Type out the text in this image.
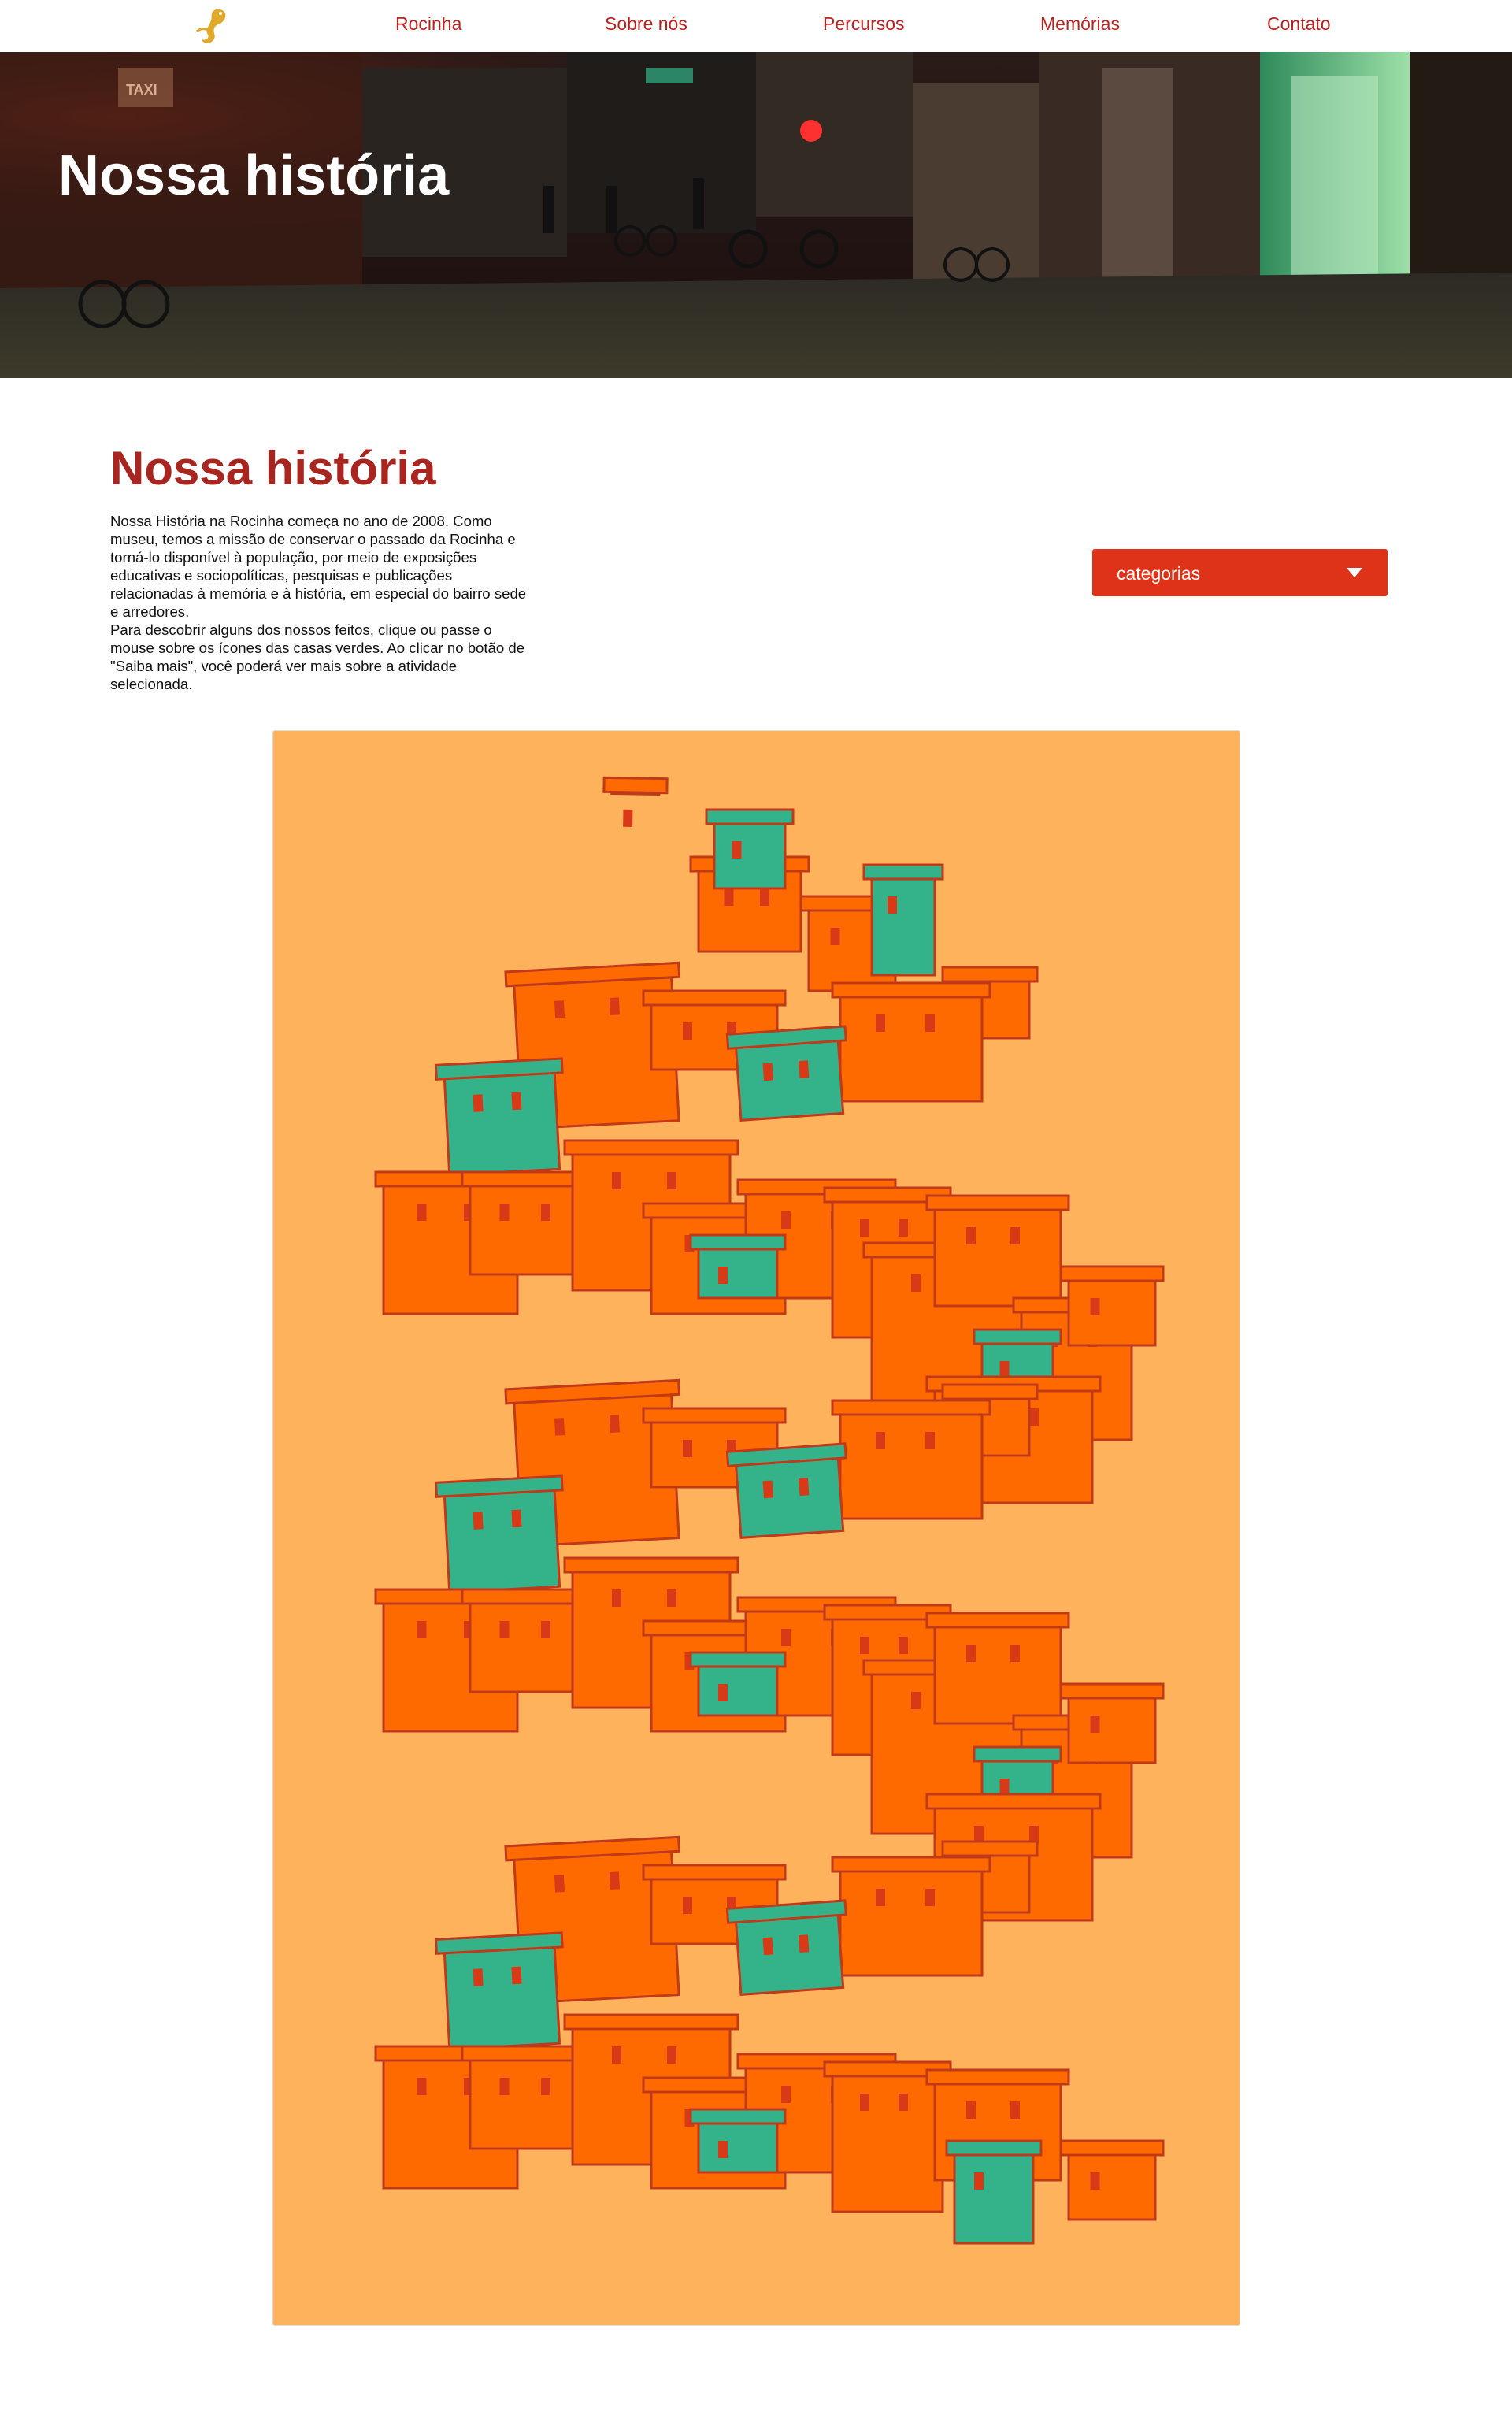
Rocinha	Sobre nós	Percursos	Memórias	Contato
TAXI
Nossa história
Nossa história

Nossa História na Rocinha começa no ano de 2008. Como museu, temos a missão de conservar o passado da Rocinha e torná-lo disponível à população, por meio de exposições educativas e sociopolíticas, pesquisas e publicações relacionadas à memória e à história, em especial do bairro sede e arredores.

Para descobrir alguns dos nossos feitos, clique ou passe o mouse sobre os ícones das casas verdes. Ao clicar no botão de "Saiba mais", você poderá ver mais sobre a atividade selecionada.

categorias
